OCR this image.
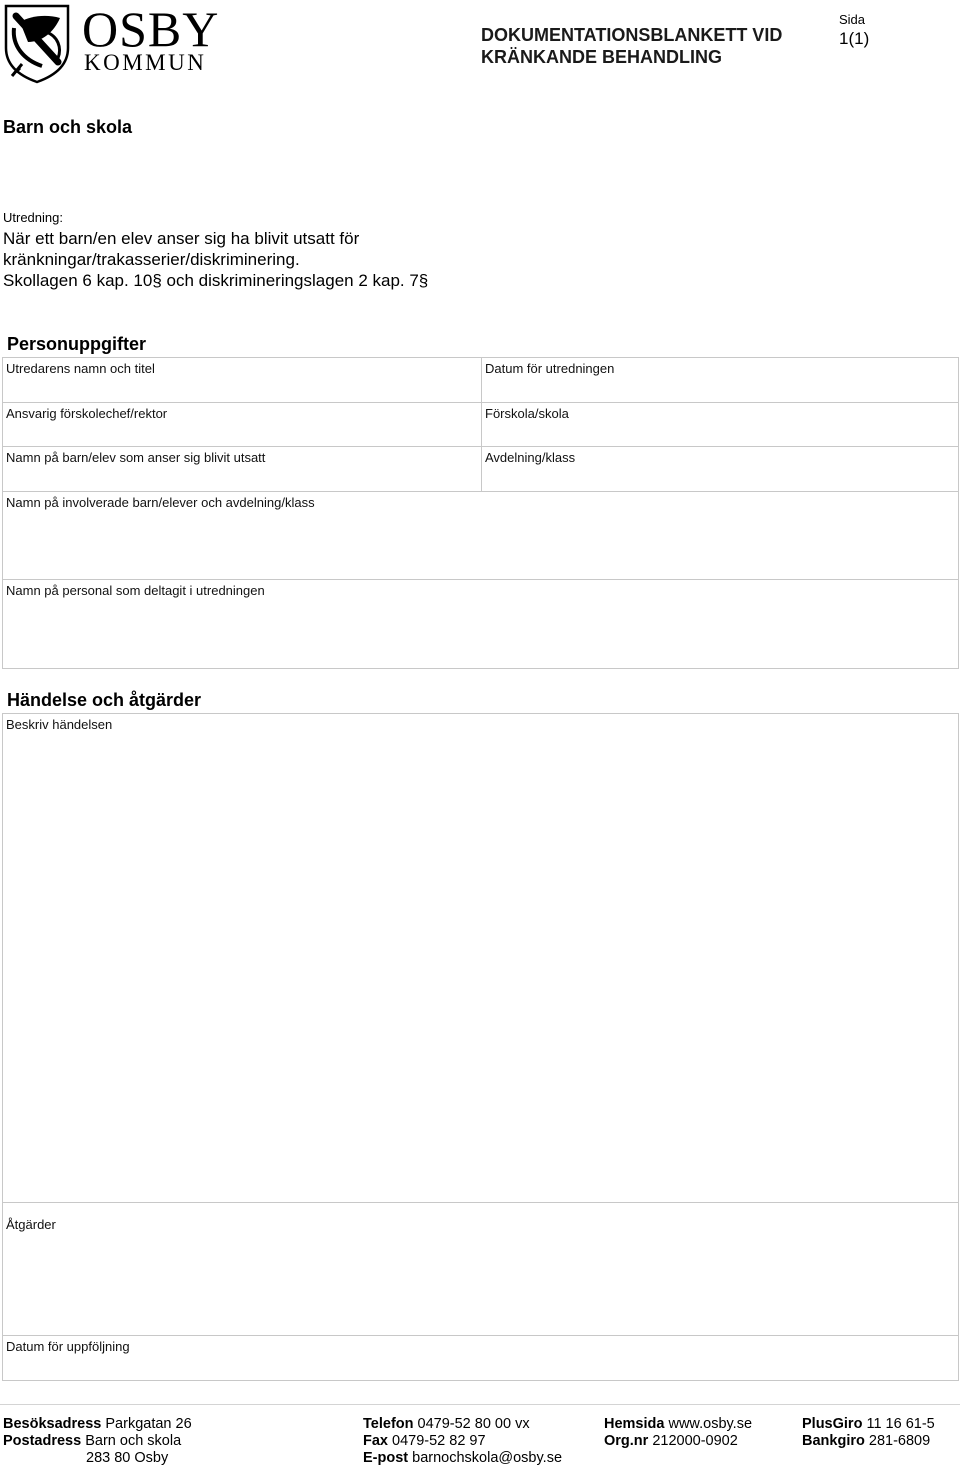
OSBY
KOMMUN
DOKUMENTATIONSBLANKETT VID
KRÄNKANDE BEHANDLING
Sida
1(1)
Barn och skola
Utredning:
När ett barn/en elev anser sig ha blivit utsatt för
kränkningar/trakasserier/diskriminering.
Skollagen 6 kap. 10§ och diskrimineringslagen 2 kap. 7§
Personuppgifter
Utredarens namn och titel	Datum för utredningen
Ansvarig förskolechef/rektor	Förskola/skola
Namn på barn/elev som anser sig blivit utsatt	Avdelning/klass
Namn på involverade barn/elever och avdelning/klass
Namn på personal som deltagit i utredningen
Händelse och åtgärder
Beskriv händelsen
Åtgärder
Datum för uppföljning
Besöksadress Parkgatan 26
Postadress Barn och skola
283 80 Osby
Telefon 0479-52 80 00 vx
Fax 0479-52 82 97
E-post barnochskola@osby.se
Hemsida www.osby.se
Org.nr 212000-0902
PlusGiro 11 16 61-5
Bankgiro 281-6809
